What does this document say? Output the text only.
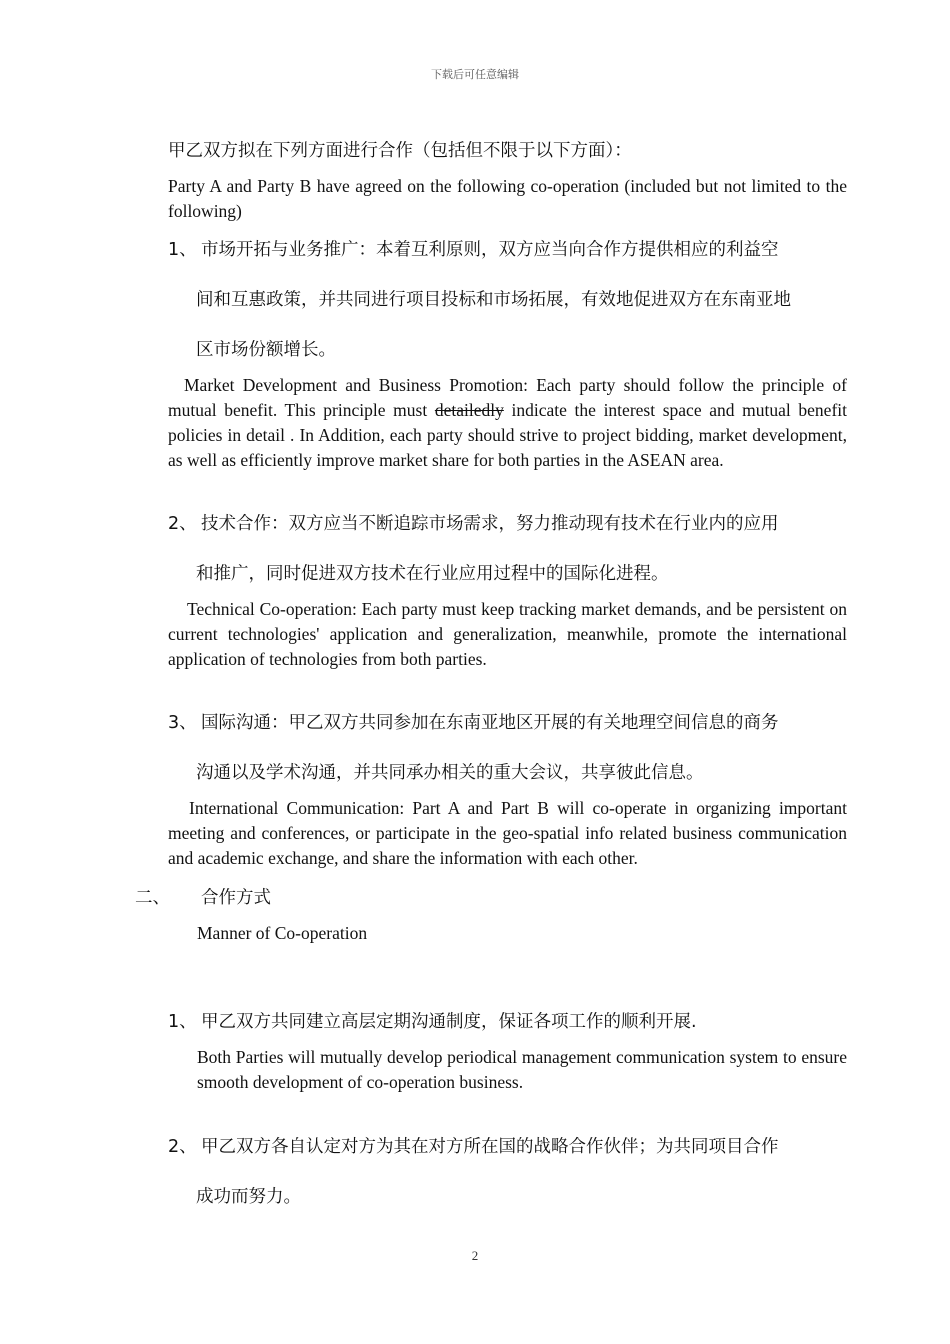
下载后可任意编辑
甲乙双方拟在下列方面进行合作（包括但不限于以下方面）：
Party A and Party B have agreed on the following co-operation (included but not limited to the following)
1、 市场开拓与业务推广：本着互利原则，双方应当向合作方提供相应的利益空
间和互惠政策，并共同进行项目投标和市场拓展，有效地促进双方在东南亚地
区市场份额增长。
Market Development and Business Promotion: Each party should follow the principle of mutual benefit. This principle must detailedly indicate the interest space and mutual benefit policies in detail . In Addition, each party should strive to project bidding, market development, as well as efficiently improve market share for both parties in the ASEAN area.
2、 技术合作：双方应当不断追踪市场需求，努力推动现有技术在行业内的应用
和推广，同时促进双方技术在行业应用过程中的国际化进程。
Technical Co-operation: Each party must keep tracking market demands, and be persistent on current technologies' application and generalization, meanwhile, promote the international application of technologies from both parties.
3、 国际沟通：甲乙双方共同参加在东南亚地区开展的有关地理空间信息的商务
沟通以及学术沟通，并共同承办相关的重大会议，共享彼此信息。
International Communication: Part A and Part B will co-operate in organizing important meeting and conferences, or participate in the geo-spatial info related business communication and academic exchange, and share the information with each other.
二、 合作方式
Manner of Co-operation
1、 甲乙双方共同建立高层定期沟通制度，保证各项工作的顺利开展.
Both Parties will mutually develop periodical management communication system to ensure smooth development of co-operation business.
2、 甲乙双方各自认定对方为其在对方所在国的战略合作伙伴；为共同项目合作
成功而努力。
2
